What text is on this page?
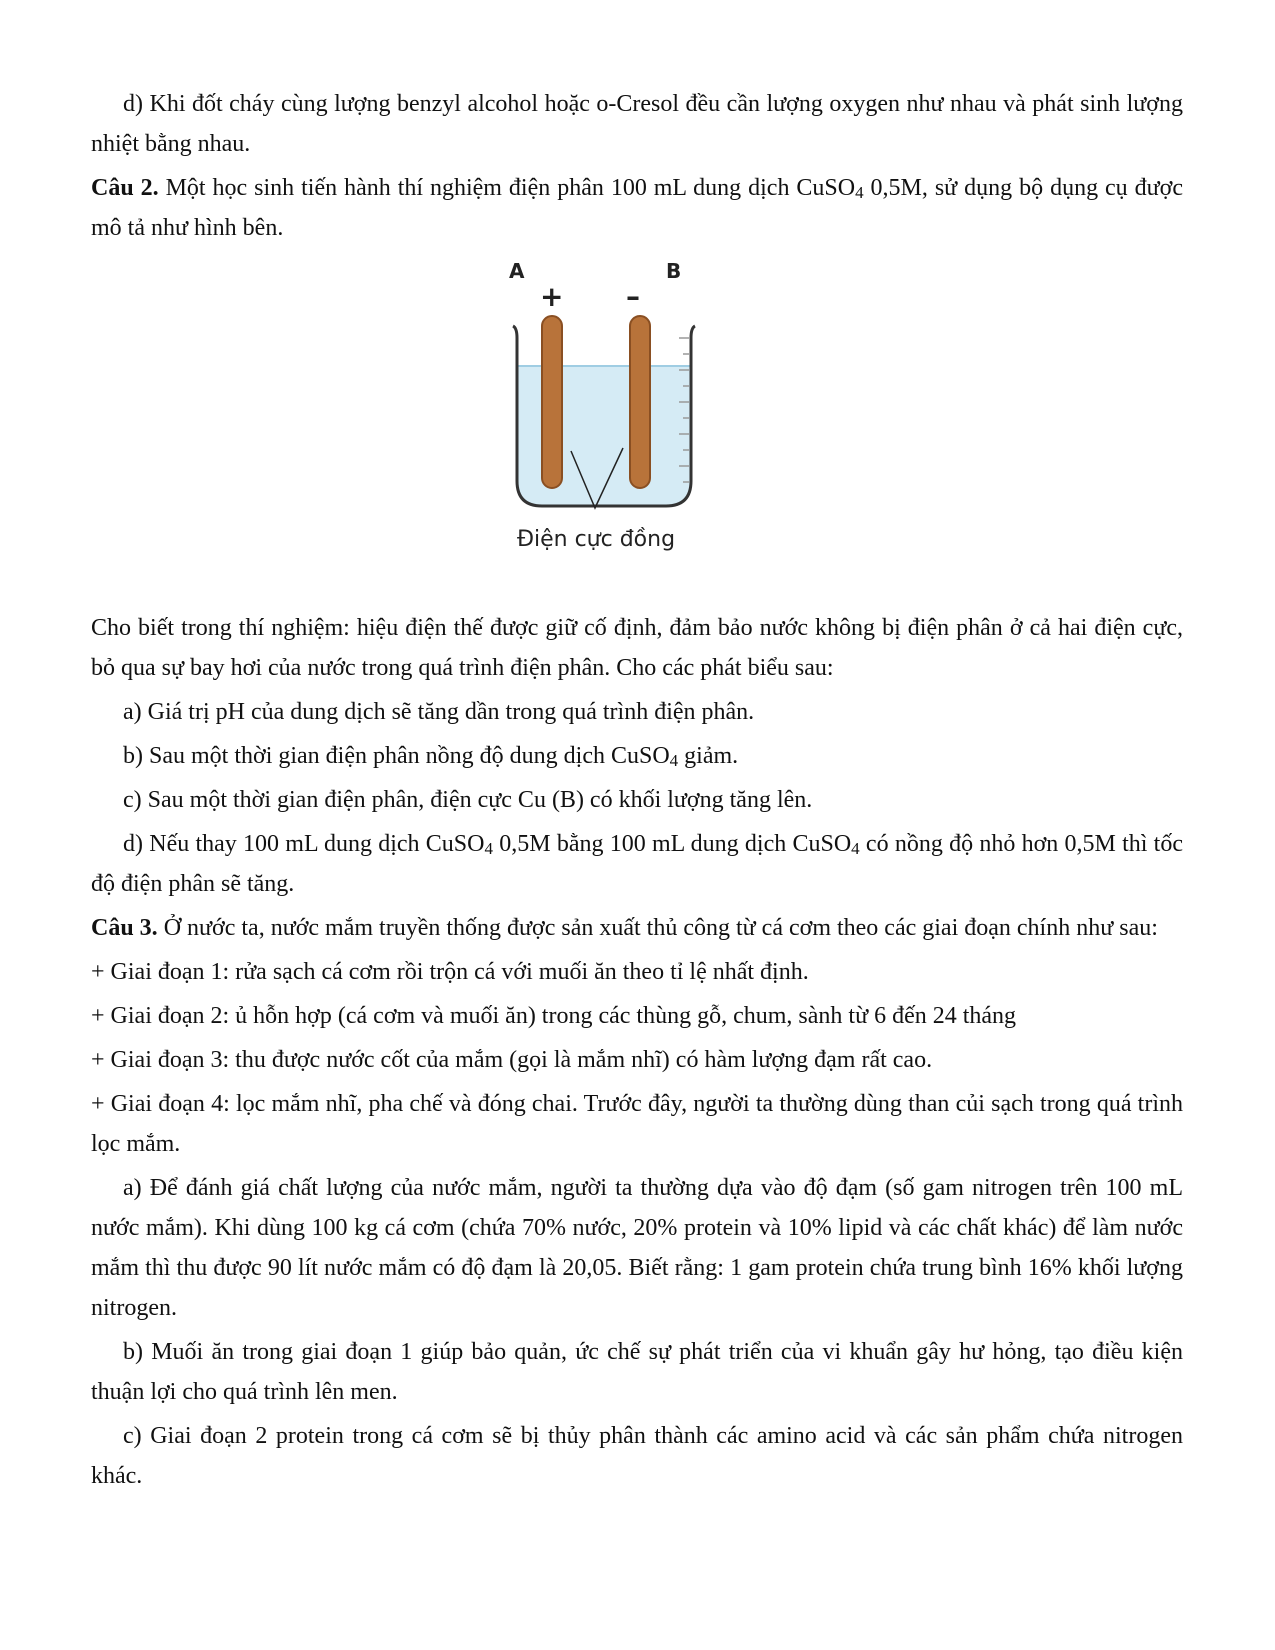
d) Khi đốt cháy cùng lượng benzyl alcohol hoặc o-Cresol đều cần lượng oxygen như nhau và phát sinh lượng nhiệt bằng nhau.

Câu 2. Một học sinh tiến hành thí nghiệm điện phân 100 mL dung dịch CuSO$_4$ 0,5M, sử dụng bộ dụng cụ được mô tả như hình bên.

A	B
+ –
Điện cực đồng

Cho biết trong thí nghiệm: hiệu điện thế được giữ cố định, đảm bảo nước không bị điện phân ở cả hai điện cực, bỏ qua sự bay hơi của nước trong quá trình điện phân. Cho các phát biểu sau:

a) Giá trị pH của dung dịch sẽ tăng dần trong quá trình điện phân.

b) Sau một thời gian điện phân nồng độ dung dịch CuSO$_4$ giảm.

c) Sau một thời gian điện phân, điện cực Cu (B) có khối lượng tăng lên.

d) Nếu thay 100 mL dung dịch CuSO$_4$ 0,5M bằng 100 mL dung dịch CuSO$_4$ có nồng độ nhỏ hơn 0,5M thì tốc độ điện phân sẽ tăng.

Câu 3. Ở nước ta, nước mắm truyền thống được sản xuất thủ công từ cá cơm theo các giai đoạn chính như sau:

+ Giai đoạn 1: rửa sạch cá cơm rồi trộn cá với muối ăn theo tỉ lệ nhất định.

+ Giai đoạn 2: ủ hỗn hợp (cá cơm và muối ăn) trong các thùng gỗ, chum, sành từ 6 đến 24 tháng

+ Giai đoạn 3: thu được nước cốt của mắm (gọi là mắm nhĩ) có hàm lượng đạm rất cao.

+ Giai đoạn 4: lọc mắm nhĩ, pha chế và đóng chai. Trước đây, người ta thường dùng than củi sạch trong quá trình lọc mắm.

a) Để đánh giá chất lượng của nước mắm, người ta thường dựa vào độ đạm (số gam nitrogen trên 100 mL nước mắm). Khi dùng 100 kg cá cơm (chứa 70% nước, 20% protein và 10% lipid và các chất khác) để làm nước mắm thì thu được 90 lít nước mắm có độ đạm là 20,05. Biết rằng: 1 gam protein chứa trung bình 16% khối lượng nitrogen.

b) Muối ăn trong giai đoạn 1 giúp bảo quản, ức chế sự phát triển của vi khuẩn gây hư hỏng, tạo điều kiện thuận lợi cho quá trình lên men.

c) Giai đoạn 2 protein trong cá cơm sẽ bị thủy phân thành các amino acid và các sản phẩm chứa nitrogen khác.
